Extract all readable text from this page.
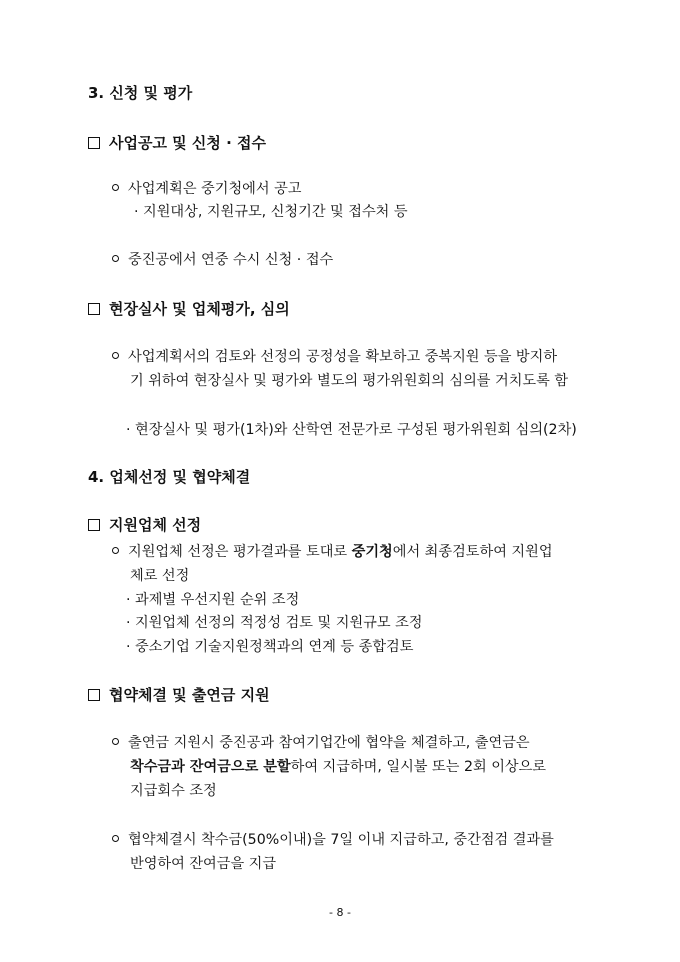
3. 신청 및 평가
사업공고 및 신청 · 접수
사업계획은 중기청에서 공고
· 지원대상, 지원규모, 신청기간 및 접수처 등
중진공에서 연중 수시 신청 · 접수
현장실사 및 업체평가, 심의
사업계획서의 검토와 선정의 공정성을 확보하고 중복지원 등을 방지하
기 위하여 현장실사 및 평가와 별도의 평가위원회의 심의를 거치도록 함
· 현장실사 및 평가(1차)와 산학연 전문가로 구성된 평가위원회 심의(2차)
4. 업체선정 및 협약체결
지원업체 선정
지원업체 선정은 평가결과를 토대로 중기청에서 최종검토하여 지원업
체로 선정
· 과제별 우선지원 순위 조정
· 지원업체 선정의 적정성 검토 및 지원규모 조정
· 중소기업 기술지원정책과의 연계 등 종합검토
협약체결 및 출연금 지원
출연금 지원시 중진공과 참여기업간에 협약을 체결하고, 출연금은
착수금과 잔여금으로 분할하여 지급하며, 일시불 또는 2회 이상으로
지급회수 조정
협약체결시 착수금(50%이내)을 7일 이내 지급하고, 중간점검 결과를
반영하여 잔여금을 지급
- 8 -
